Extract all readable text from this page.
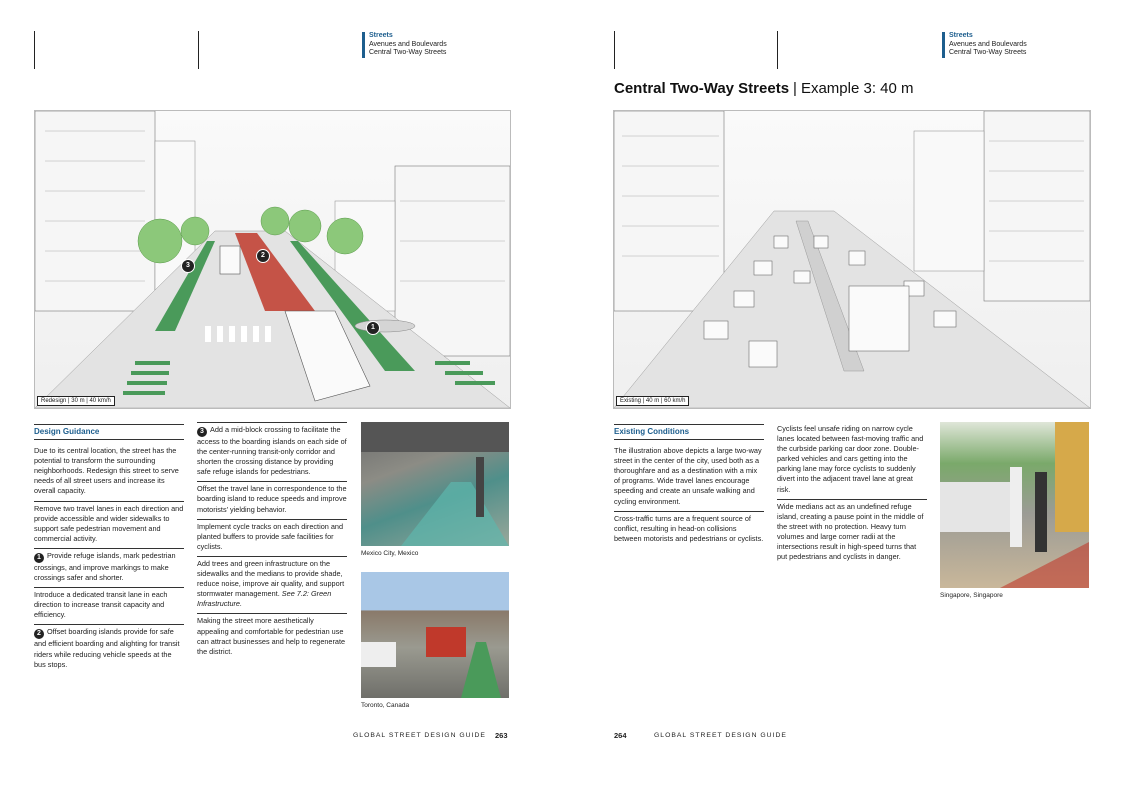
Streets
Avenues and Boulevards
Central Two-Way Streets
1
2
3
Redesign | 30 m | 40 km/h
Design Guidance

Due to its central location, the street has the potential to transform the surrounding neighborhoods. Redesign this street to serve needs of all street users and increase its overall capacity.

Remove two travel lanes in each direction and provide accessible and wider sidewalks to support safe pedestrian movement and commercial activity.

1 Provide refuge islands, mark pedestrian crossings, and improve markings to make crossings safer and shorter.

Introduce a dedicated transit lane in each direction to increase transit capacity and efficiency.

2 Offset boarding islands provide for safe and efficient boarding and alighting for transit riders while reducing vehicle speeds at the bus stops.

3 Add a mid-block crossing to facilitate the access to the boarding islands on each side of the center-running transit-only corridor and shorten the crossing distance by providing safe refuge islands for pedestrians.

Offset the travel lane in correspondence to the boarding island to reduce speeds and improve motorists' yielding behavior.

Implement cycle tracks on each direction and planted buffers to provide safe facilities for cyclists.

Add trees and green infrastructure on the sidewalks and the medians to provide shade, reduce noise, improve air quality, and support stormwater management. See 7.2: Green Infrastructure.

Making the street more aesthetically appealing and comfortable for pedestrian use can attract businesses and help to regenerate the district.

Mexico City, Mexico
Toronto, Canada
GLOBAL STREET DESIGN GUIDE 263
Streets
Avenues and Boulevards
Central Two-Way Streets
Central Two-Way Streets | Example 3: 40 m
Existing | 40 m | 60 km/h
Existing Conditions

The illustration above depicts a large two-way street in the center of the city, used both as a thoroughfare and as a destination with a mix of programs. Wide travel lanes encourage speeding and create an unsafe walking and cycling environment.

Cross-traffic turns are a frequent source of conflict, resulting in head-on collisions between motorists and pedestrians or cyclists.

Cyclists feel unsafe riding on narrow cycle lanes located between fast-moving traffic and the curbside parking car door zone. Double-parked vehicles and cars getting into the parking lane may force cyclists to suddenly divert into the adjacent travel lane at great risk.

Wide medians act as an undefined refuge island, creating a pause point in the middle of the street with no protection. Heavy turn volumes and large corner radii at the intersections result in high-speed turns that put pedestrians and cyclists in danger.

Singapore, Singapore
264	GLOBAL STREET DESIGN GUIDE
